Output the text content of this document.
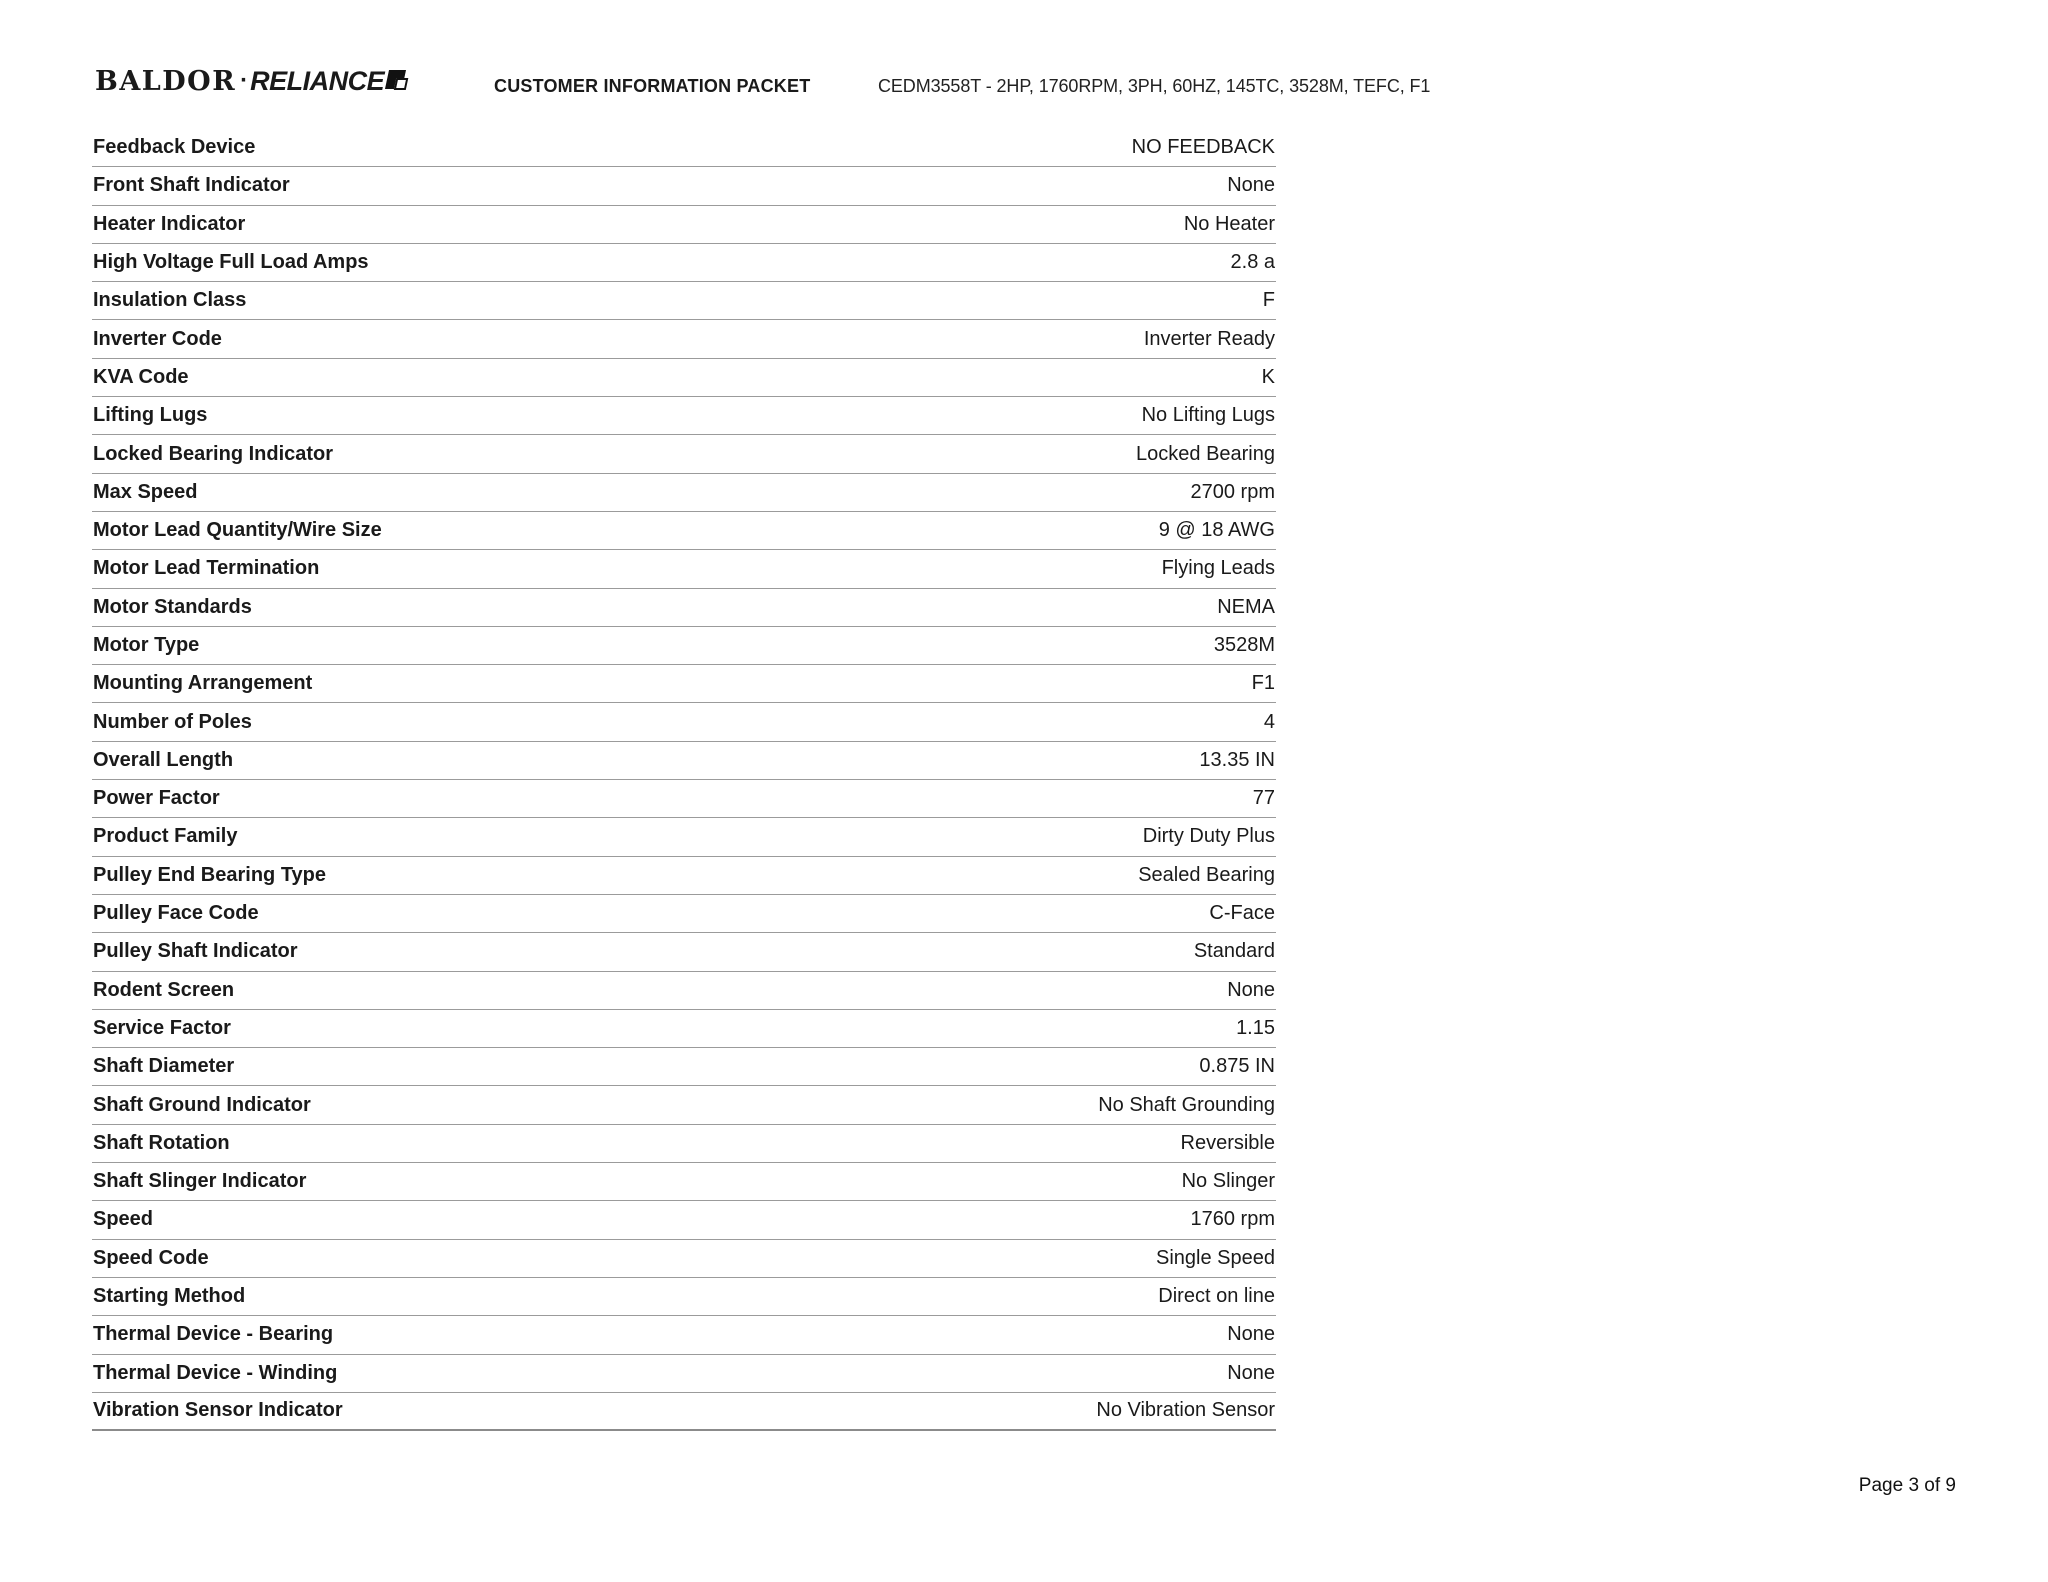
BALDOR ·RELIANCE	CUSTOMER INFORMATION PACKET	CEDM3558T - 2HP, 1760RPM, 3PH, 60HZ, 145TC, 3528M, TEFC, F1
Feedback Device	NO FEEDBACK
Front Shaft Indicator	None
Heater Indicator	No Heater
High Voltage Full Load Amps	2.8 a
Insulation Class	F
Inverter Code	Inverter Ready
KVA Code	K
Lifting Lugs	No Lifting Lugs
Locked Bearing Indicator	Locked Bearing
Max Speed	2700 rpm
Motor Lead Quantity/Wire Size	9 @ 18 AWG
Motor Lead Termination	Flying Leads
Motor Standards	NEMA
Motor Type	3528M
Mounting Arrangement	F1
Number of Poles	4
Overall Length	13.35 IN
Power Factor	77
Product Family	Dirty Duty Plus
Pulley End Bearing Type	Sealed Bearing
Pulley Face Code	C-Face
Pulley Shaft Indicator	Standard
Rodent Screen	None
Service Factor	1.15
Shaft Diameter	0.875 IN
Shaft Ground Indicator	No Shaft Grounding
Shaft Rotation	Reversible
Shaft Slinger Indicator	No Slinger
Speed	1760 rpm
Speed Code	Single Speed
Starting Method	Direct on line
Thermal Device - Bearing	None
Thermal Device - Winding	None
Vibration Sensor Indicator	No Vibration Sensor
Page 3 of 9
